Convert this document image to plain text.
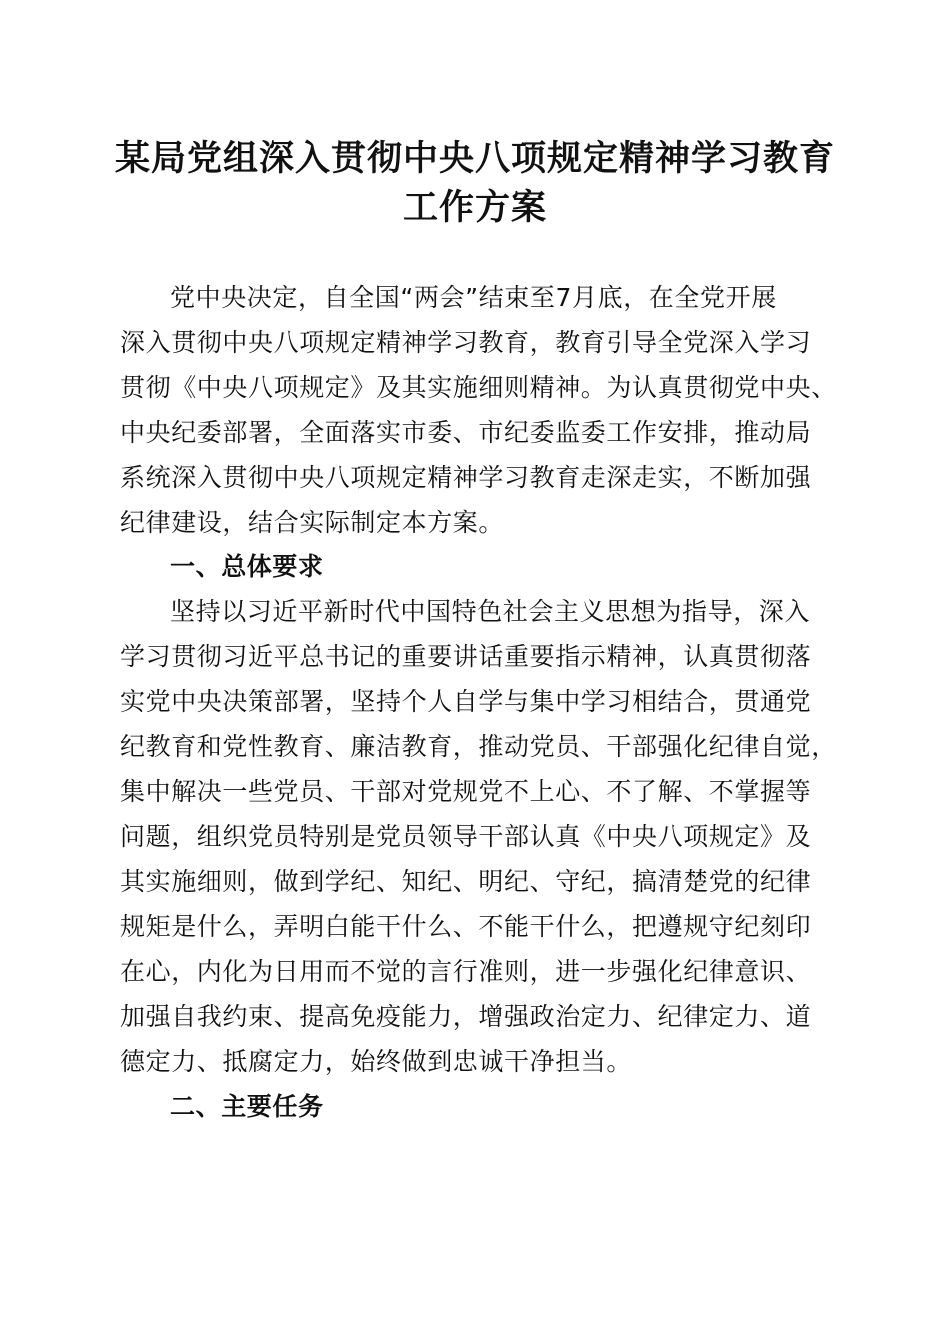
某局党组深入贯彻中央八项规定精神学习教育
工作方案

党中央决定，自全国“两会”结束至7月底，在全党开展

深入贯彻中央八项规定精神学习教育，教育引导全党深入学习

贯彻《中央八项规定》及其实施细则精神。为认真贯彻党中央、

中央纪委部署，全面落实市委、市纪委监委工作安排，推动局

系统深入贯彻中央八项规定精神学习教育走深走实，不断加强

纪律建设，结合实际制定本方案。

一、总体要求

坚持以习近平新时代中国特色社会主义思想为指导，深入

学习贯彻习近平总书记的重要讲话重要指示精神，认真贯彻落

实党中央决策部署，坚持个人自学与集中学习相结合，贯通党

纪教育和党性教育、廉洁教育，推动党员、干部强化纪律自觉，

集中解决一些党员、干部对党规党不上心、不了解、不掌握等

问题，组织党员特别是党员领导干部认真《中央八项规定》及

其实施细则，做到学纪、知纪、明纪、守纪，搞清楚党的纪律

规矩是什么，弄明白能干什么、不能干什么，把遵规守纪刻印

在心，内化为日用而不觉的言行准则，进一步强化纪律意识、

加强自我约束、提高免疫能力，增强政治定力、纪律定力、道

德定力、抵腐定力，始终做到忠诚干净担当。

二、主要任务
